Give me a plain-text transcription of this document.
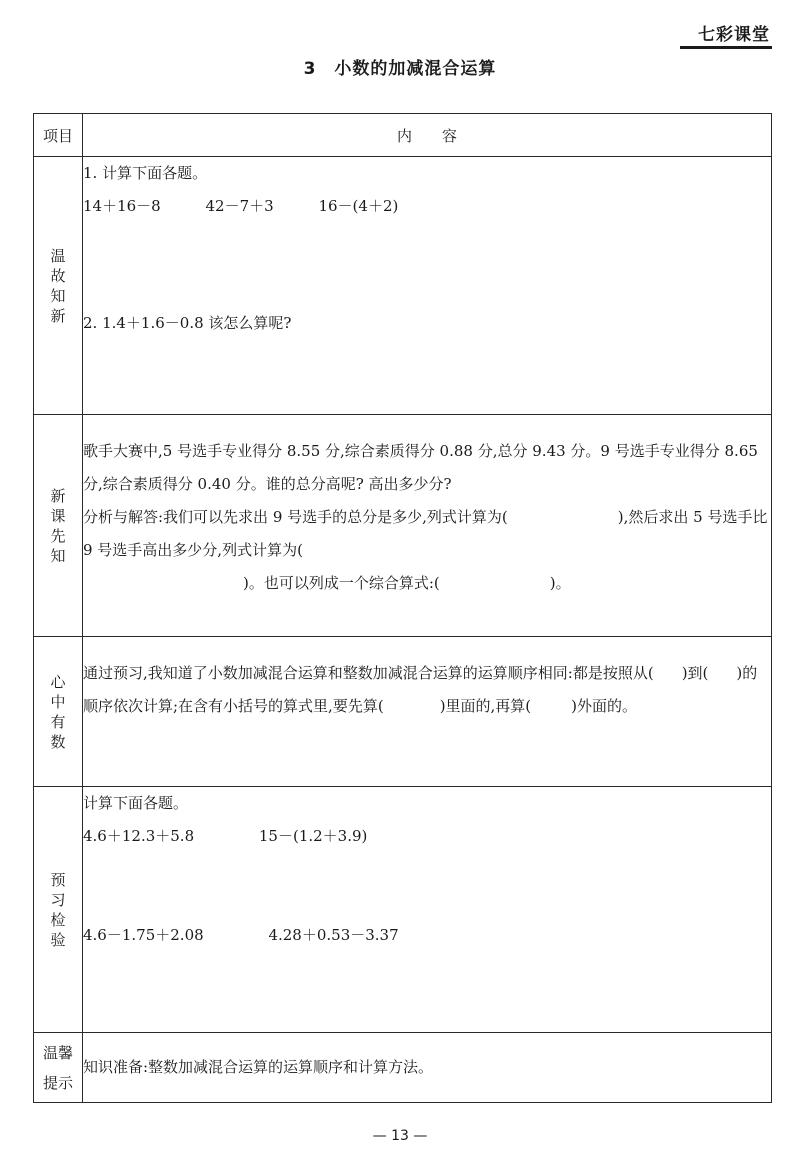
七彩课堂
3　小数的加减混合运算
项目	内　　容
温故知新	1. 计算下面各题。
14＋16－8 42－7＋3 16－(4＋2)
2. 1.4＋1.6－0.8 该怎么算呢?

新课先知	歌手大赛中,5 号选手专业得分 8.55 分,综合素质得分 0.88 分,总分 9.43 分。9 号选手专业得分 8.65 分,综合素质得分 0.40 分。谁的总分高呢? 高出多少分?
分析与解答:我们可以先求出 9 号选手的总分是多少,列式计算为( ),然后求出 5 号选手比 9 号选手高出多少分,列式计算为(
)。也可以列成一个综合算式:( )。

心中有数	通过预习,我知道了小数加减混合运算和整数加减混合运算的运算顺序相同:都是按照从( )到( )的顺序依次计算;在含有小括号的算式里,要先算( )里面的,再算( )外面的。
预习检验	计算下面各题。
4.6＋12.3＋5.8 15－(1.2＋3.9)
4.6－1.75＋2.08 4.28＋0.53－3.37

温馨
提示	知识准备:整数加减混合运算的运算顺序和计算方法。
— 13 —
